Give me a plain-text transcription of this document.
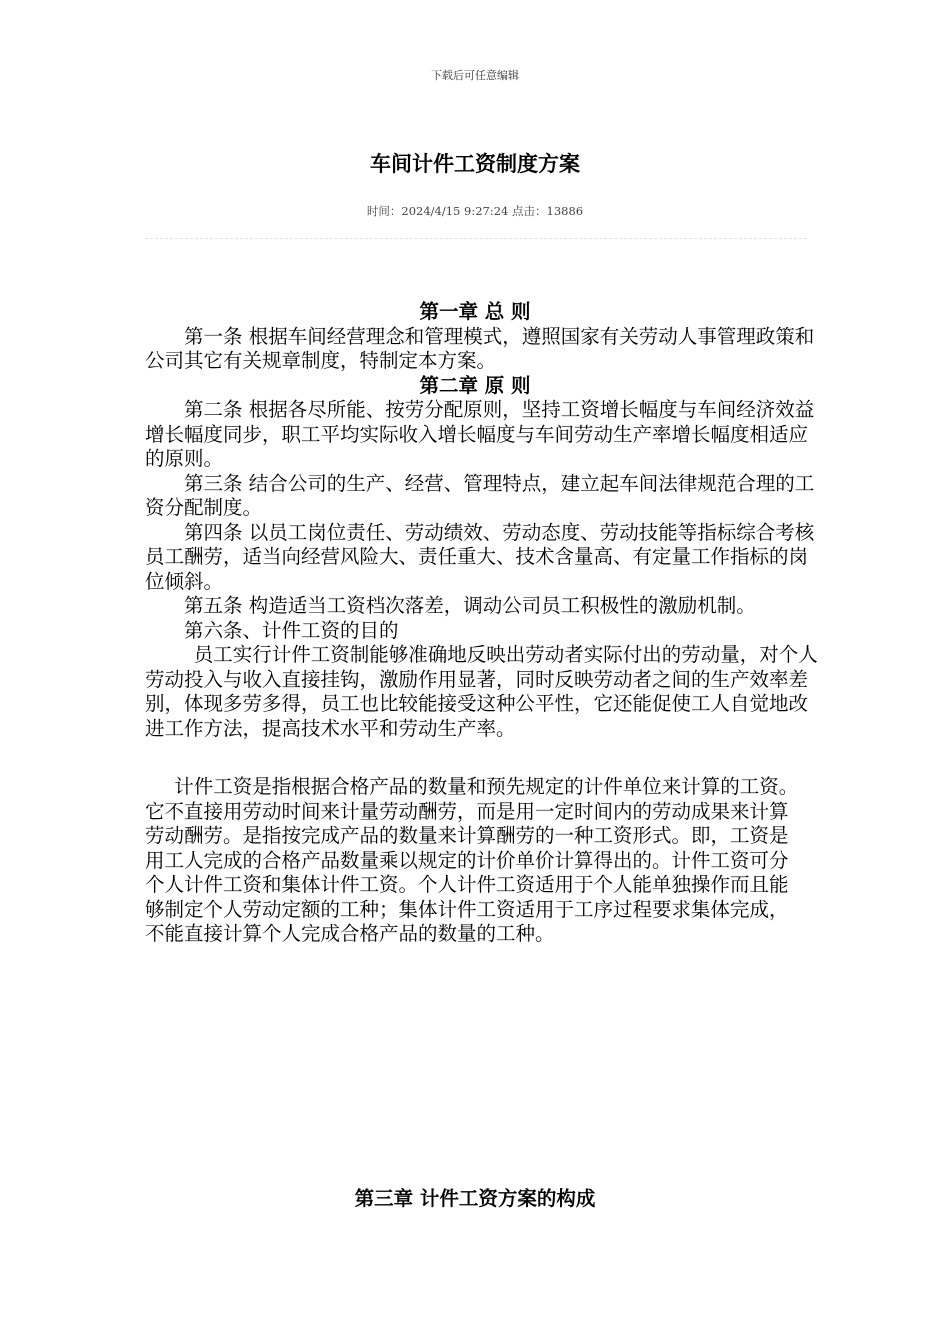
下载后可任意编辑
车间计件工资制度方案
时间：2024/4/15 9:27:24 点击：13886
第一章 总 则

第一条 根据车间经营理念和管理模式，遵照国家有关劳动人事管理政策和公司其它有关规章制度，特制定本方案。

第二章 原 则

第二条 根据各尽所能、按劳分配原则，坚持工资增长幅度与车间经济效益增长幅度同步，职工平均实际收入增长幅度与车间劳动生产率增长幅度相适应的原则。

第三条 结合公司的生产、经营、管理特点，建立起车间法律规范合理的工资分配制度。

第四条 以员工岗位责任、劳动绩效、劳动态度、劳动技能等指标综合考核员工酬劳，适当向经营风险大、责任重大、技术含量高、有定量工作指标的岗位倾斜。

第五条 构造适当工资档次落差，调动公司员工积极性的激励机制。

第六条、计件工资的目的

员工实行计件工资制能够准确地反映出劳动者实际付出的劳动量，对个人劳动投入与收入直接挂钩，激励作用显著，同时反映劳动者之间的生产效率差别，体现多劳多得，员工也比较能接受这种公平性，它还能促使工人自觉地改进工作方法，提高技术水平和劳动生产率。

计件工资是指根据合格产品的数量和预先规定的计件单位来计算的工资。它不直接用劳动时间来计量劳动酬劳，而是用一定时间内的劳动成果来计算劳动酬劳。是指按完成产品的数量来计算酬劳的一种工资形式。即，工资是用工人完成的合格产品数量乘以规定的计价单价计算得出的。计件工资可分个人计件工资和集体计件工资。个人计件工资适用于个人能单独操作而且能够制定个人劳动定额的工种；集体计件工资适用于工序过程要求集体完成，不能直接计算个人完成合格产品的数量的工种。

第三章 计件工资方案的构成
